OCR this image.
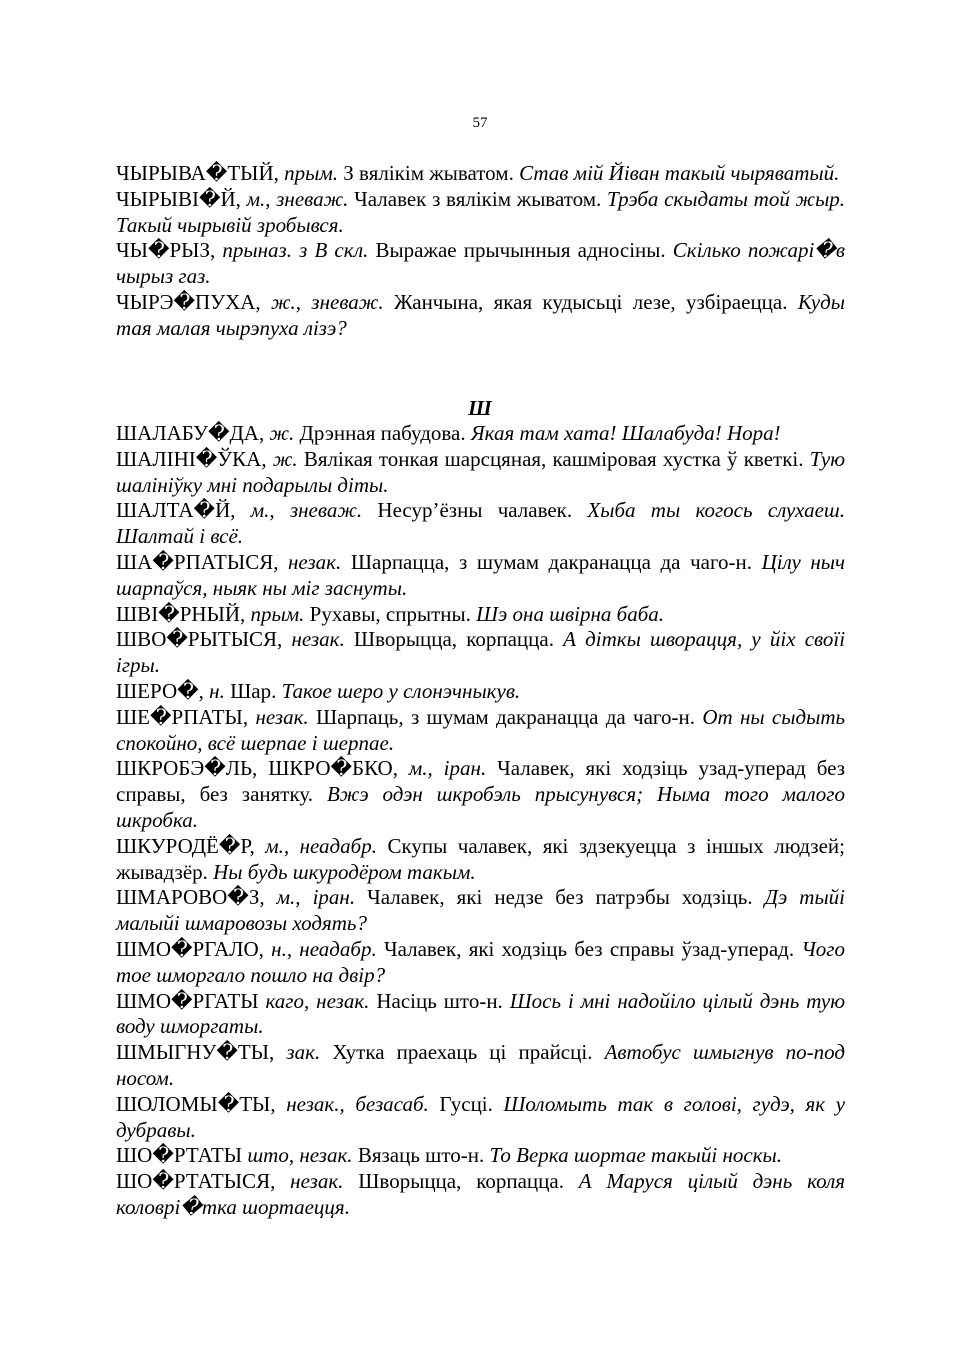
57

ЧЫРЫВА�ТЫЙ, прым. З вялікім жыватом. Став мій Йіван такый чыряватый.

ЧЫРЫВІ�Й, м., зневаж. Чалавек з вялікім жыватом. Трэба скыдаты той жыр. Такый чырывій зробывся.

ЧЫ�РЫЗ, прыназ. з В скл. Выражае прычынныя адносіны. Скілько пожарі�в чырыз газ.

ЧЫРЭ�ПУХА, ж., зневаж. Жанчына, якая кудысьці лезе, узбіраецца. Куды тая малая чырэпуха лізэ?

Ш

ШАЛАБУ�ДА, ж. Дрэнная пабудова. Якая там хата! Шалабуда! Нора!

ШАЛІНІ�ЎКА, ж. Вялікая тонкая шарсцяная, кашміровая хустка ў кветкі. Тую шалініўку мні подарылы діты.

ШАЛТА�Й, м., зневаж. Несур’ёзны чалавек. Хыба ты когось слухаеш. Шалтай і всё.

ША�РПАТЫСЯ, незак. Шарпацца, з шумам дакранацца да чаго-н. Цілу ныч шарпаўся, ныяк ны міг заснуты.

ШВІ�РНЫЙ, прым. Рухавы, спрытны. Шэ она швірна баба.

ШВО�РЫТЫСЯ, незак. Шворыцца, корпацца. А діткы шворацця, у йіх своїі ігры.

ШЕРО�, н. Шар. Такое шеро у слонэчныкув.

ШЕ�РПАТЫ, незак. Шарпаць, з шумам дакранацца да чаго-н. От ны сыдыть спокойно, всё шерпае і шерпае.

ШКРОБЭ�ЛЬ, ШКРО�БКО, м., іран. Чалавек, які ходзіць узад-уперад без справы, без занятку. Вжэ одэн шкробэль прысунувся; Ныма того малого шкробка.

ШКУРОДЁ�Р, м., неадабр. Скупы чалавек, які здзекуецца з іншых людзей; жывадзёр. Ны будь шкуродёром такым.

ШМАРОВО�З, м., іран. Чалавек, які недзе без патрэбы ходзіць. Дэ тыйі малыйі шмаровозы ходять?

ШМО�РГАЛО, н., неадабр. Чалавек, які ходзіць без справы ўзад-уперад. Чого тое шморгало пошло на двір?

ШМО�РГАТЫ каго, незак. Насіць што-н. Шось і мні надойіло цілый дэнь тую воду шморгаты.

ШМЫГНУ�ТЫ, зак. Хутка праехаць ці прайсці. Автобус шмыгнув по-под носом.

ШОЛОМЫ�ТЫ, незак., безасаб. Гусці. Шоломыть так в голові, гудэ, як у дубравы.

ШО�РТАТЫ што, незак. Вязаць што-н. То Верка шортае такыйі носкы.

ШО�РТАТЫСЯ, незак. Шворыцца, корпацца. А Маруся цілый дэнь коля коловрі�тка шортаецця.
